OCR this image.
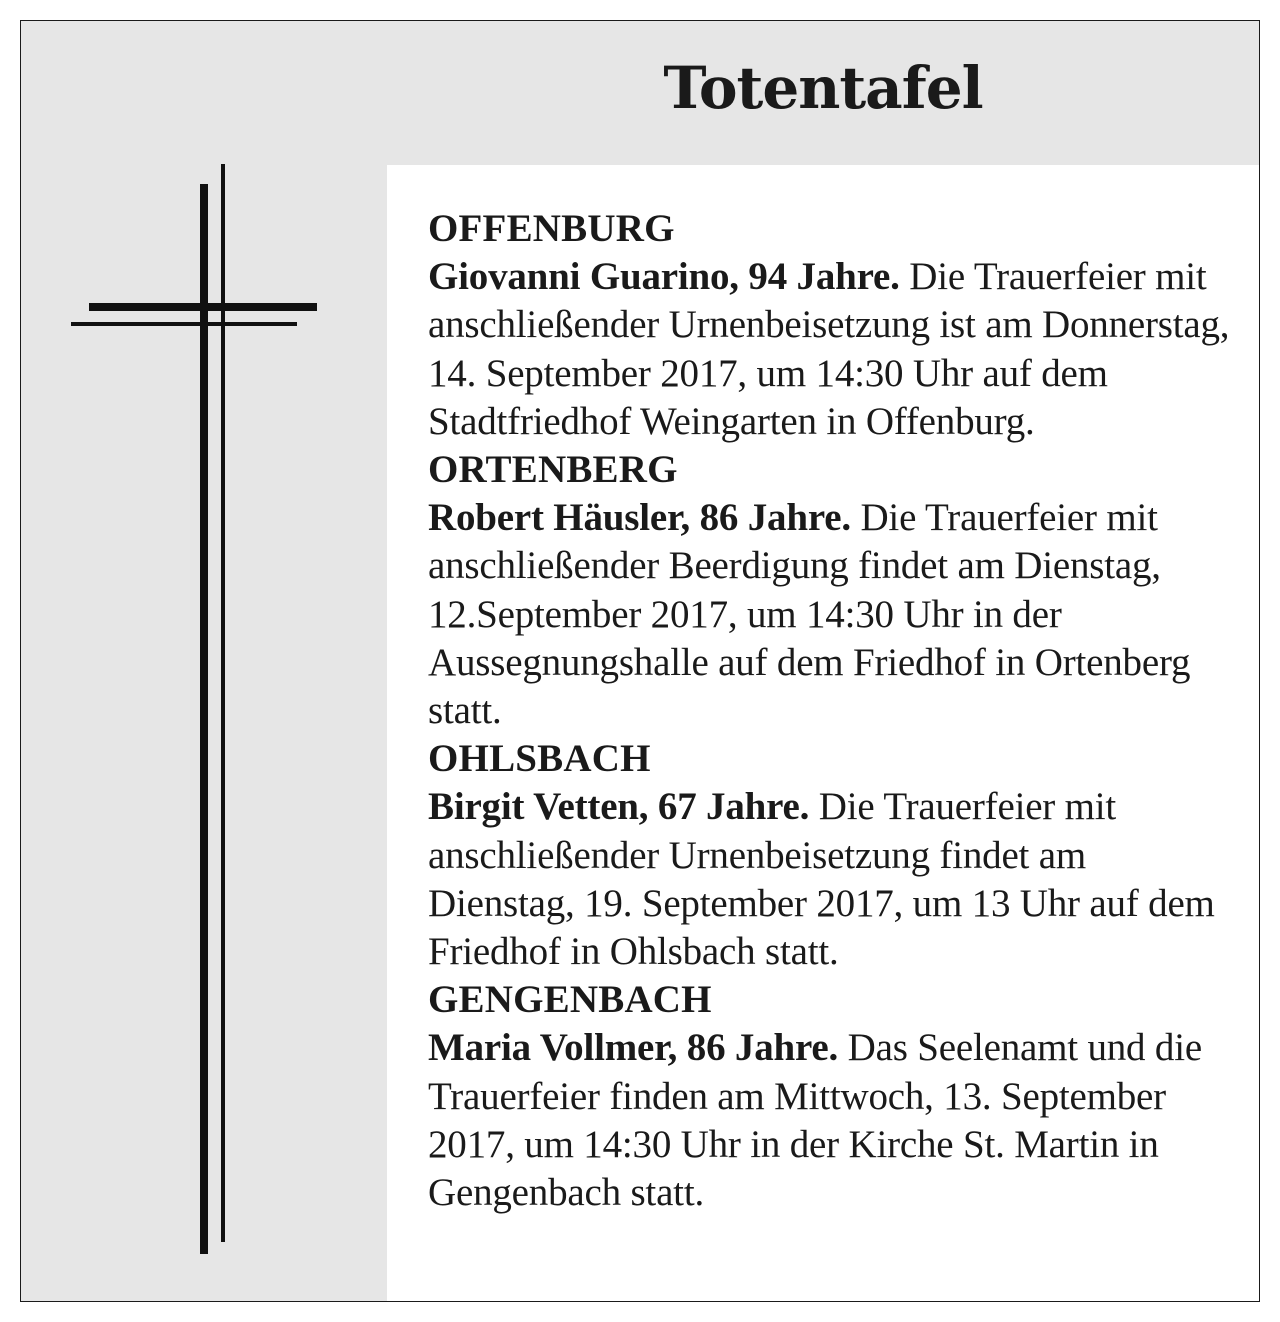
Totentafel

OFFENBURG

Giovanni Guarino, 94 Jahre. Die Trauerfeier mit anschließender Urnenbeisetzung ist am Donnerstag, 14. September 2017, um 14:30 Uhr auf dem Stadtfriedhof Weingarten in Offenburg.

ORTENBERG

Robert Häusler, 86 Jahre. Die Trauerfeier mit anschließender Beerdigung findet am Dienstag, 12.September 2017, um 14:30 Uhr in der Aussegnungshalle auf dem Friedhof in Ortenberg statt.

OHLSBACH

Birgit Vetten, 67 Jahre. Die Trauerfeier mit anschließender Urnenbeisetzung findet am Dienstag, 19. September 2017, um 13 Uhr auf dem Friedhof in Ohlsbach statt.

GENGENBACH

Maria Vollmer, 86 Jahre. Das Seelenamt und die Trauerfeier finden am Mittwoch, 13. September 2017, um 14:30 Uhr in der Kirche St. Martin in Gengenbach statt.
